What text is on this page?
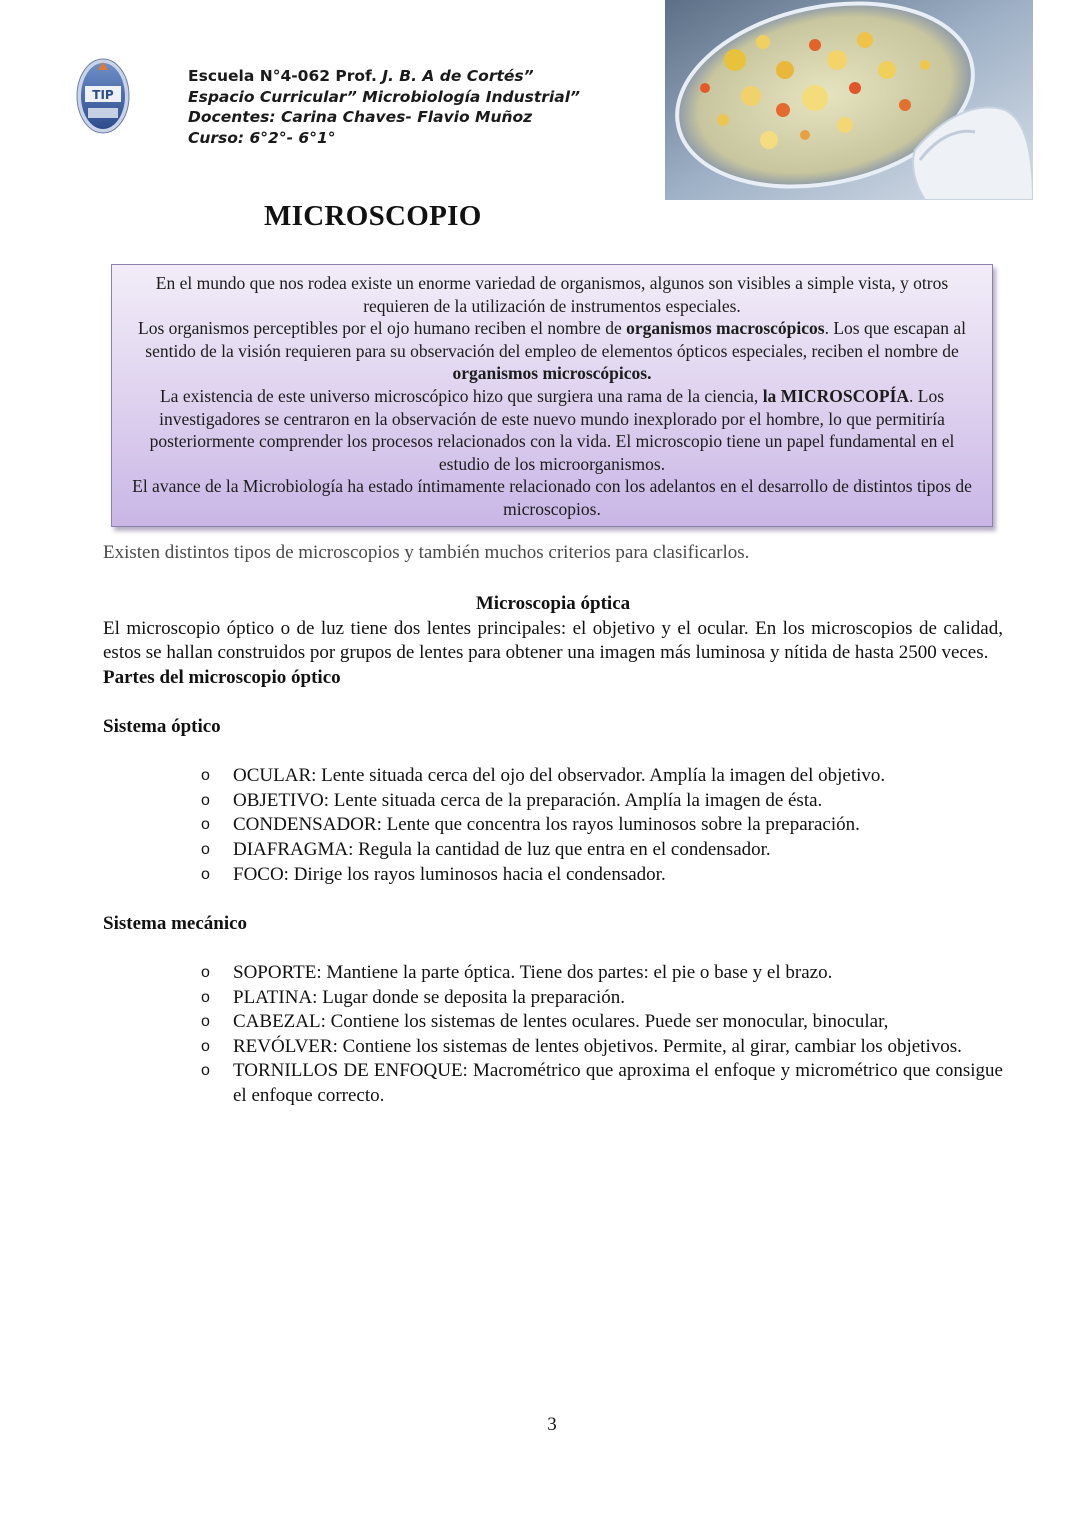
TIP
Escuela N°4-062 Prof. J. B. A de Cortés”
Espacio Curricular” Microbiología Industrial”
Docentes: Carina Chaves- Flavio Muñoz
Curso: 6°2°- 6°1°
MICROSCOPIO

En el mundo que nos rodea existe un enorme variedad de organismos, algunos son visibles a simple vista, y otros requieren de la utilización de instrumentos especiales.

Los organismos perceptibles por el ojo humano reciben el nombre de organismos macroscópicos. Los que escapan al sentido de la visión requieren para su observación del empleo de elementos ópticos especiales, reciben el nombre de organismos microscópicos.

La existencia de este universo microscópico hizo que surgiera una rama de la ciencia, la MICROSCOPÍA. Los investigadores se centraron en la observación de este nuevo mundo inexplorado por el hombre, lo que permitiría posteriormente comprender los procesos relacionados con la vida. El microscopio tiene un papel fundamental en el estudio de los microorganismos.

El avance de la Microbiología ha estado íntimamente relacionado con los adelantos en el desarrollo de distintos tipos de microscopios.

Existen distintos tipos de microscopios y también muchos criterios para clasificarlos.

Microscopia óptica

El microscopio óptico o de luz tiene dos lentes principales: el objetivo y el ocular. En los microscopios de calidad, estos se hallan construidos por grupos de lentes para obtener una imagen más luminosa y nítida de hasta 2500 veces.

Partes del microscopio óptico

Sistema óptico

o OCULAR: Lente situada cerca del ojo del observador. Amplía la imagen del objetivo.
o OBJETIVO: Lente situada cerca de la preparación. Amplía la imagen de ésta.
o CONDENSADOR: Lente que concentra los rayos luminosos sobre la preparación.
o DIAFRAGMA: Regula la cantidad de luz que entra en el condensador.
o FOCO: Dirige los rayos luminosos hacia el condensador.

Sistema mecánico

o SOPORTE: Mantiene la parte óptica. Tiene dos partes: el pie o base y el brazo.
o PLATINA: Lugar donde se deposita la preparación.
o CABEZAL: Contiene los sistemas de lentes oculares. Puede ser monocular, binocular,
o REVÓLVER: Contiene los sistemas de lentes objetivos. Permite, al girar, cambiar los objetivos.
o TORNILLOS DE ENFOQUE: Macrométrico que aproxima el enfoque y micrométrico que consigue el enfoque correcto.
3
